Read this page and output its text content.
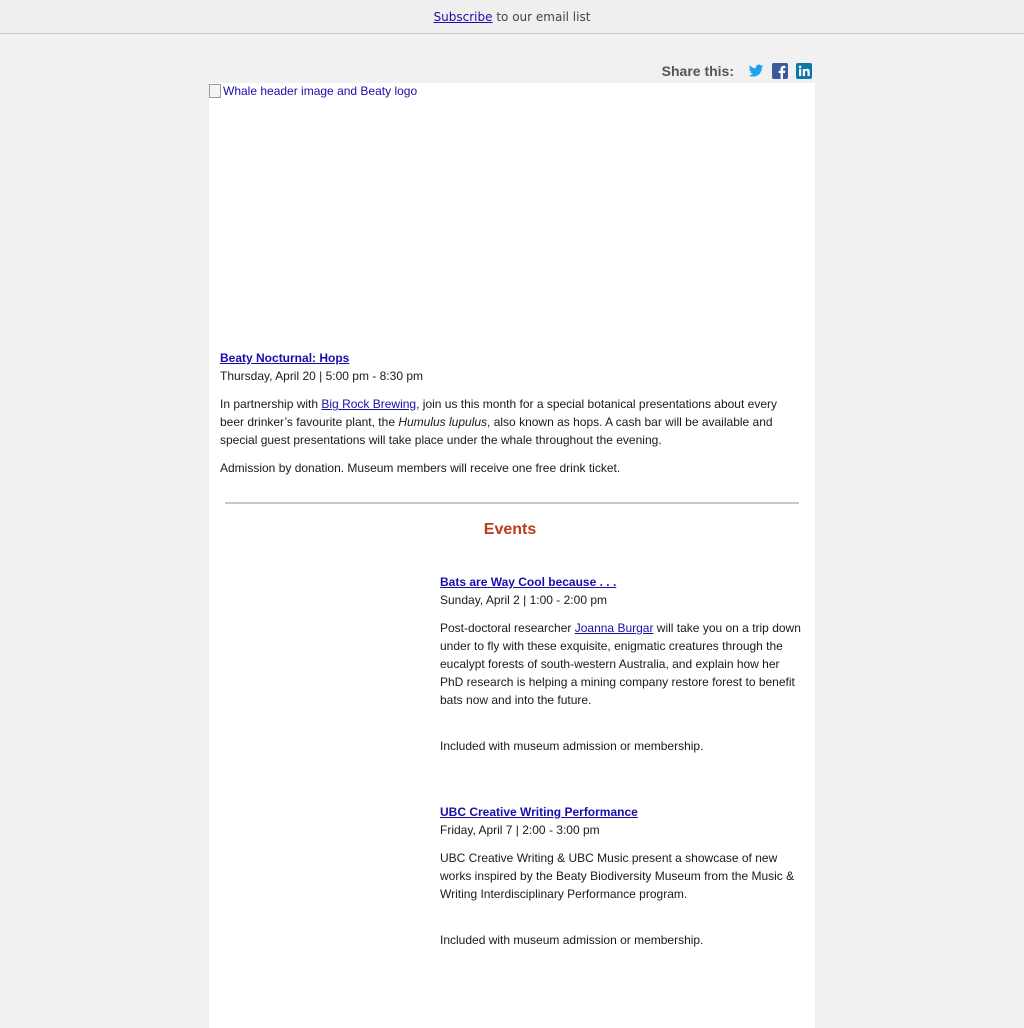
Subscribe to our email list
Share this:
Whale header image and Beaty logo
Beaty Nocturnal: Hops

Thursday, April 20 | 5:00 pm - 8:30 pm

In partnership with Big Rock Brewing, join us this month for a special botanical presentations about every beer drinker’s favourite plant, the Humulus lupulus, also known as hops. A cash bar will be available and special guest presentations will take place under the whale throughout the evening.

Admission by donation. Museum members will receive one free drink ticket.

Events
Bats are Way Cool because . . .

Sunday, April 2 | 1:00 - 2:00 pm

Post-doctoral researcher Joanna Burgar will take you on a trip down under to fly with these exquisite, enigmatic creatures through the eucalypt forests of south-western Australia, and explain how her PhD research is helping a mining company restore forest to benefit bats now and into the future.

Included with museum admission or membership.

UBC Creative Writing Performance

Friday, April 7 | 2:00 - 3:00 pm

UBC Creative Writing & UBC Music present a showcase of new works inspired by the Beaty Biodiversity Museum from the Music & Writing Interdisciplinary Performance program.

Included with museum admission or membership.
